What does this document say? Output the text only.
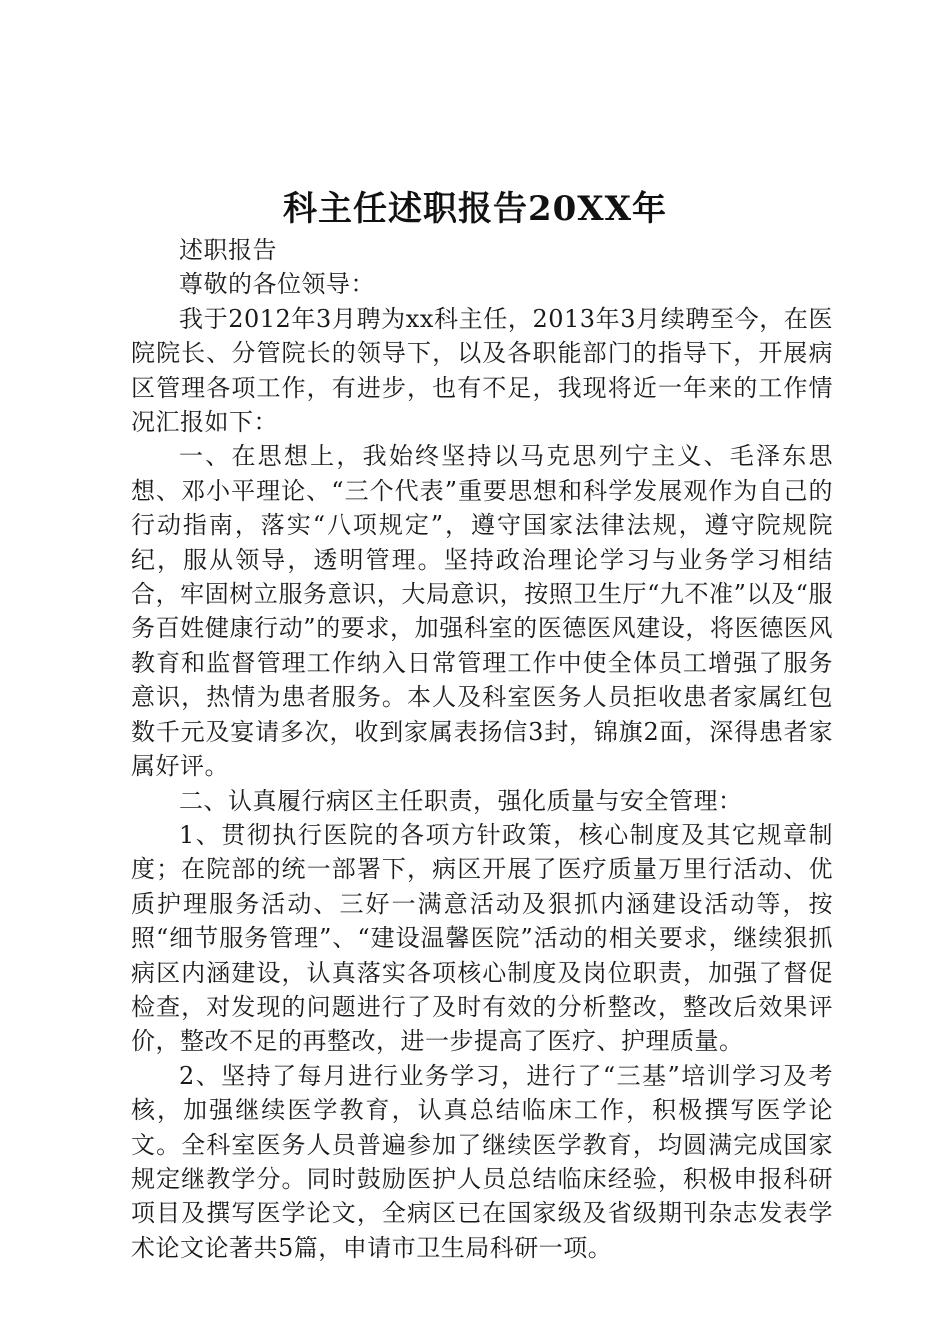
科主任述职报告20XX年

述职报告

尊敬的各位领导：

我于2012年3月聘为xx科主任，2013年3月续聘至今，在医院院长、分管院长的领导下，以及各职能部门的指导下，开展病区管理各项工作，有进步，也有不足，我现将近一年来的工作情况汇报如下：

一、在思想上，我始终坚持以马克思列宁主义、毛泽东思想、邓小平理论、“三个代表”重要思想和科学发展观作为自己的行动指南，落实“八项规定”，遵守国家法律法规，遵守院规院纪，服从领导，透明管理。坚持政治理论学习与业务学习相结合，牢固树立服务意识，大局意识，按照卫生厅“九不准”以及“服务百姓健康行动”的要求，加强科室的医德医风建设，将医德医风教育和监督管理工作纳入日常管理工作中使全体员工增强了服务意识，热情为患者服务。本人及科室医务人员拒收患者家属红包数千元及宴请多次，收到家属表扬信3封，锦旗2面，深得患者家属好评。

二、认真履行病区主任职责，强化质量与安全管理：

1、贯彻执行医院的各项方针政策，核心制度及其它规章制度；在院部的统一部署下，病区开展了医疗质量万里行活动、优质护理服务活动、三好一满意活动及狠抓内涵建设活动等，按照“细节服务管理”、“建设温馨医院”活动的相关要求，继续狠抓病区内涵建设，认真落实各项核心制度及岗位职责，加强了督促检查，对发现的问题进行了及时有效的分析整改，整改后效果评价，整改不足的再整改，进一步提高了医疗、护理质量。

2、坚持了每月进行业务学习，进行了“三基”培训学习及考核，加强继续医学教育，认真总结临床工作，积极撰写医学论文。全科室医务人员普遍参加了继续医学教育，均圆满完成国家规定继教学分。同时鼓励医护人员总结临床经验，积极申报科研项目及撰写医学论文，全病区已在国家级及省级期刊杂志发表学术论文论著共5篇，申请市卫生局科研一项。
